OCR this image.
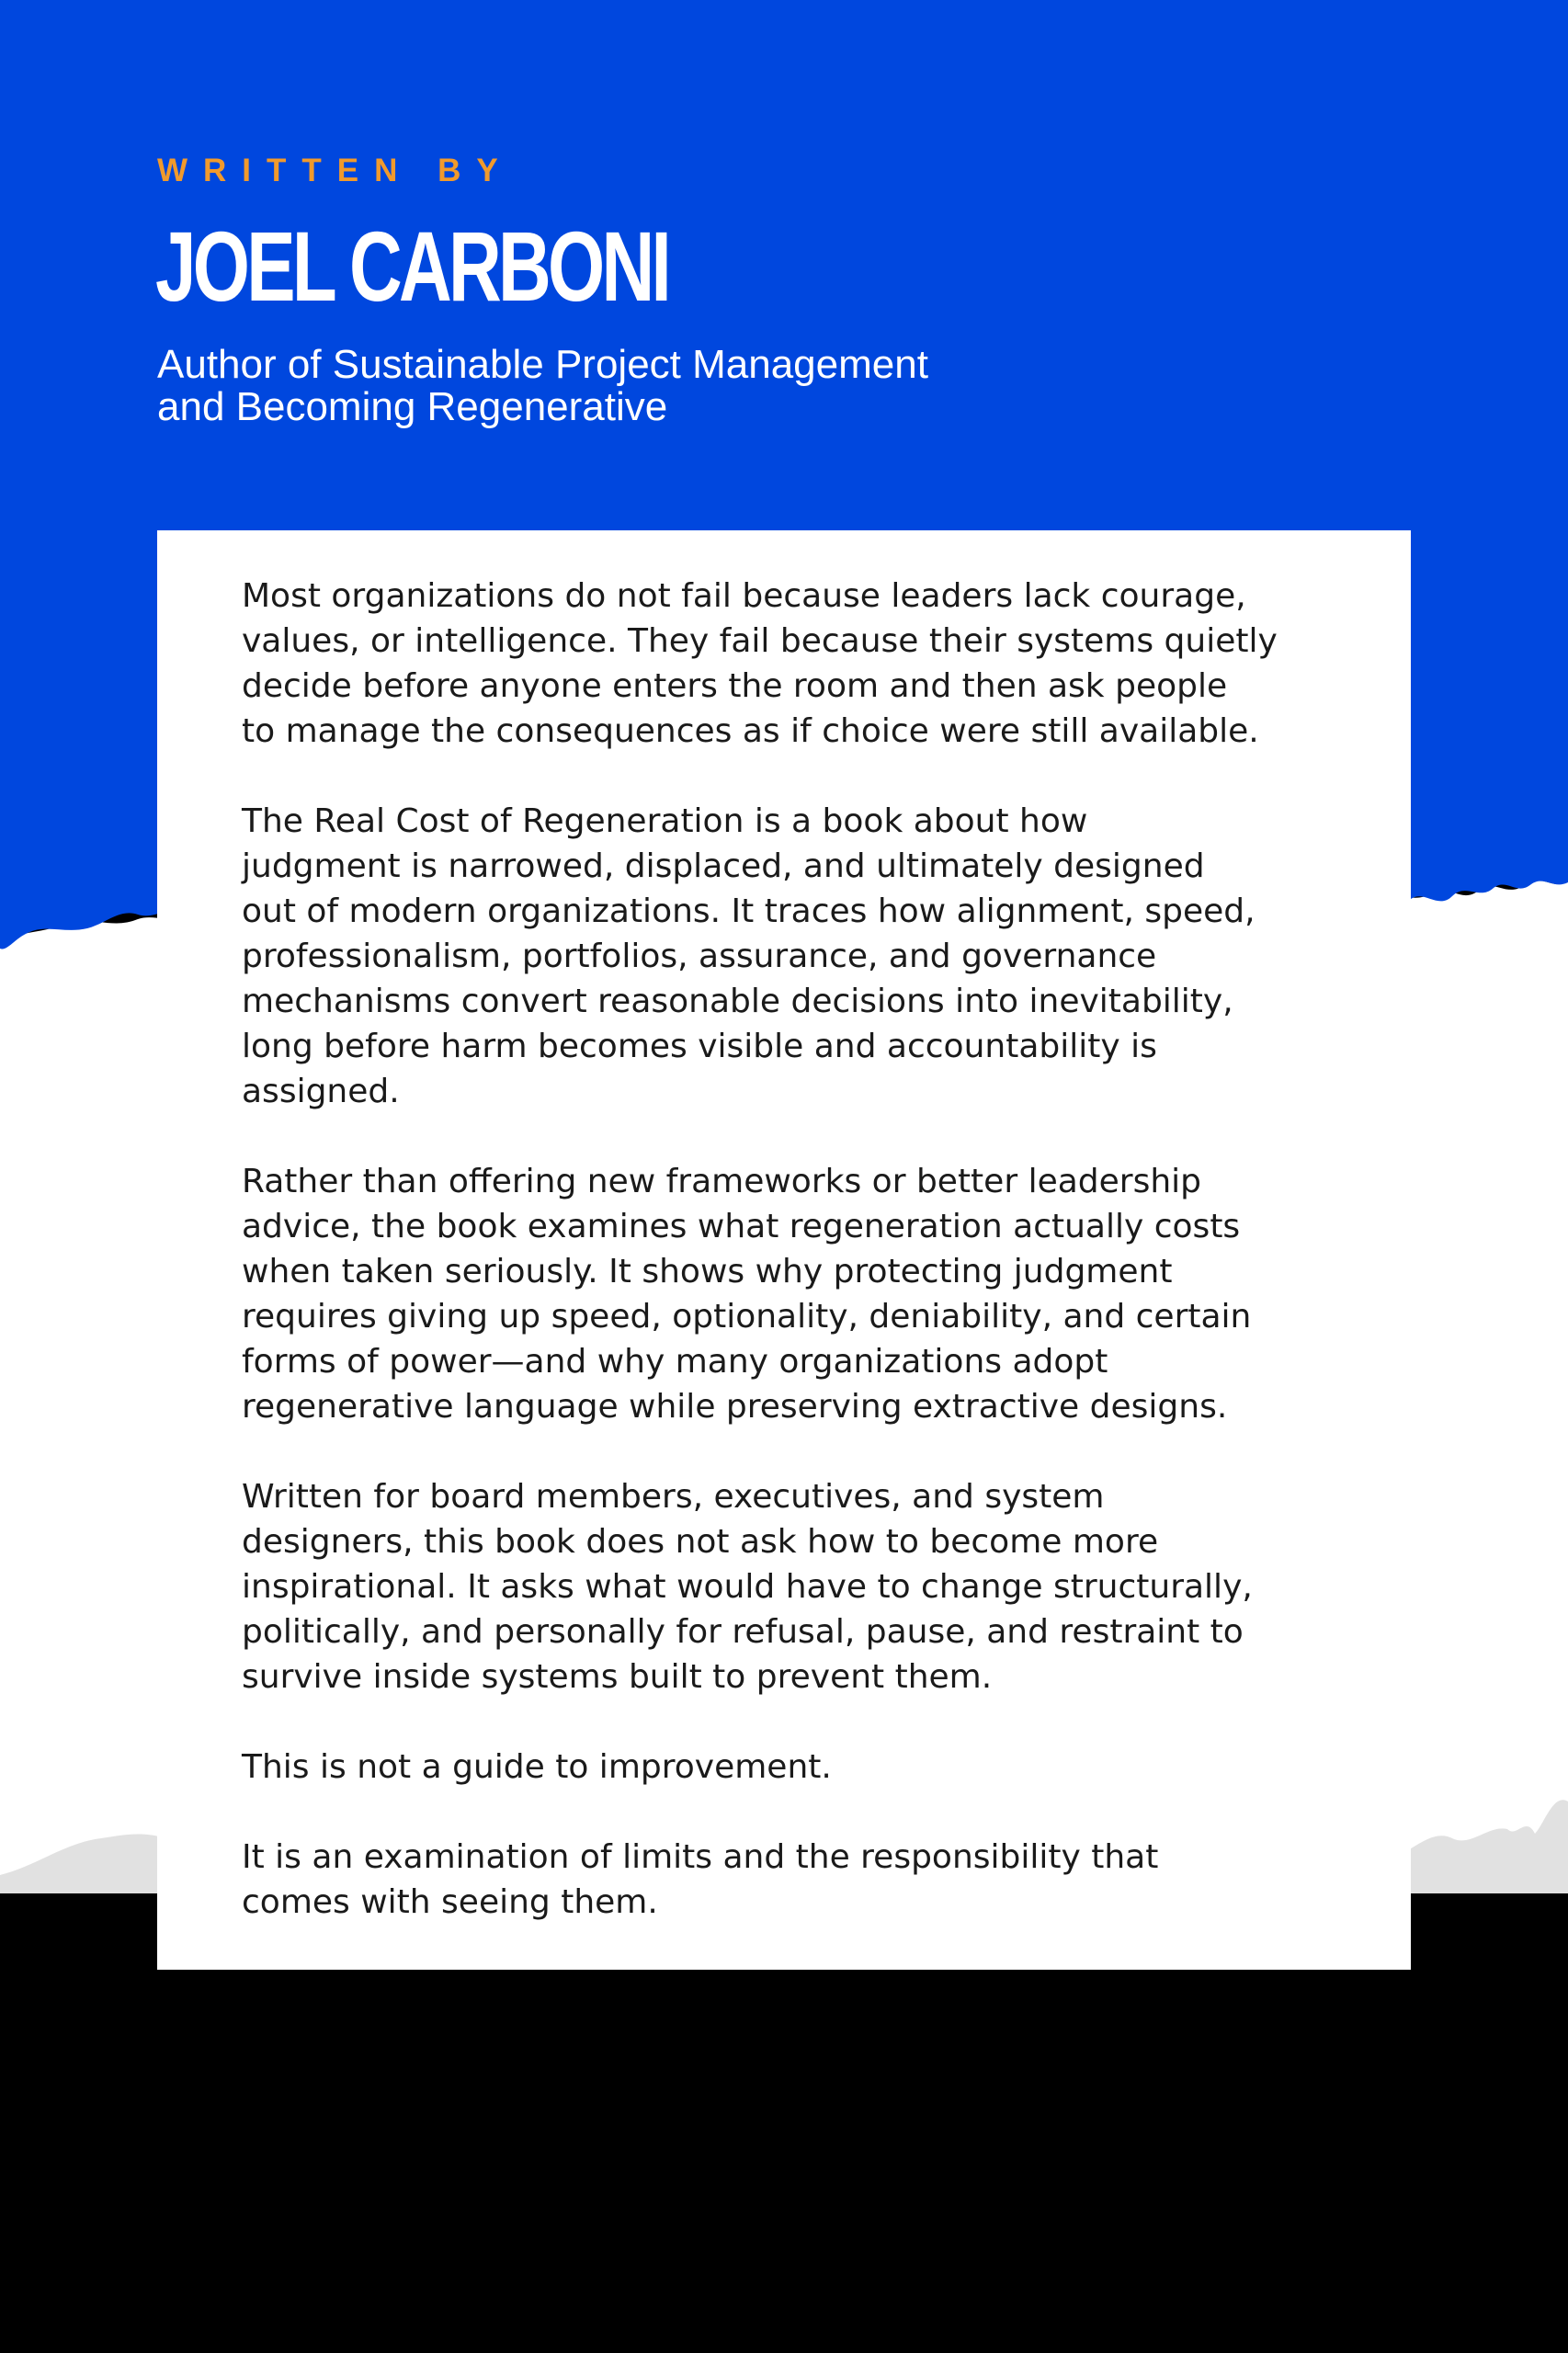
WRITTEN BY

JOEL CARBONI

Author of Sustainable Project Management
and Becoming Regenerative

Most organizations do not fail because leaders lack courage,
values, or intelligence. They fail because their systems quietly
decide before anyone enters the room and then ask people
to manage the consequences as if choice were still available.

The Real Cost of Regeneration is a book about how
judgment is narrowed, displaced, and ultimately designed
out of modern organizations. It traces how alignment, speed,
professionalism, portfolios, assurance, and governance
mechanisms convert reasonable decisions into inevitability,
long before harm becomes visible and accountability is
assigned.

Rather than offering new frameworks or better leadership
advice, the book examines what regeneration actually costs
when taken seriously. It shows why protecting judgment
requires giving up speed, optionality, deniability, and certain
forms of power—and why many organizations adopt
regenerative language while preserving extractive designs.

Written for board members, executives, and system
designers, this book does not ask how to become more
inspirational. It asks what would have to change structurally,
politically, and personally for refusal, pause, and restraint to
survive inside systems built to prevent them.

This is not a guide to improvement.

It is an examination of limits and the responsibility that
comes with seeing them.
